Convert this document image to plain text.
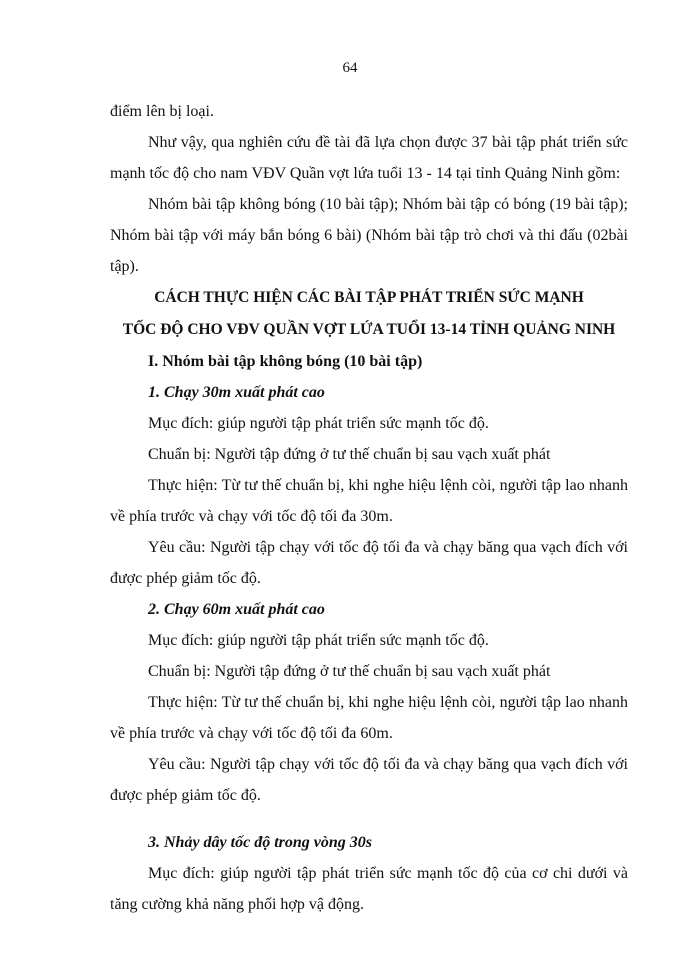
64

điểm lên bị loại.

Như vậy, qua nghiên cứu đề tài đã lựa chọn được 37 bài tập phát triển sức mạnh tốc độ cho nam VĐV Quần vợt lứa tuổi 13 - 14 tại tỉnh Quảng Ninh gồm:

Nhóm bài tập không bóng (10 bài tập); Nhóm bài tập có bóng (19 bài tập); Nhóm bài tập với máy bắn bóng 6 bài) (Nhóm bài tập trò chơi và thi đấu (02bài tập).

CÁCH THỰC HIỆN CÁC BÀI TẬP PHÁT TRIỂN SỨC MẠNH

TỐC ĐỘ CHO VĐV QUẦN VỢT LỨA TUỔI 13-14 TỈNH QUẢNG NINH

I. Nhóm bài tập không bóng (10 bài tập)

1. Chạy 30m xuất phát cao

Mục đích: giúp người tập phát triển sức mạnh tốc độ.

Chuẩn bị: Người tập đứng ở tư thế chuẩn bị sau vạch xuất phát

Thực hiện: Từ tư thế chuẩn bị, khi nghe hiệu lệnh còi, người tập lao nhanh về phía trước và chạy với tốc độ tối đa 30m.

Yêu cầu: Người tập chạy với tốc độ tối đa và chạy băng qua vạch đích với được phép giảm tốc độ.

2. Chạy 60m xuất phát cao

Mục đích: giúp người tập phát triển sức mạnh tốc độ.

Chuẩn bị: Người tập đứng ở tư thế chuẩn bị sau vạch xuất phát

Thực hiện: Từ tư thế chuẩn bị, khi nghe hiệu lệnh còi, người tập lao nhanh về phía trước và chạy với tốc độ tối đa 60m.

Yêu cầu: Người tập chạy với tốc độ tối đa và chạy băng qua vạch đích với được phép giảm tốc độ.

3. Nhảy dây tốc độ trong vòng 30s

Mục đích: giúp người tập phát triển sức mạnh tốc độ của cơ chi dưới và tăng cường khả năng phối hợp vậ động.
